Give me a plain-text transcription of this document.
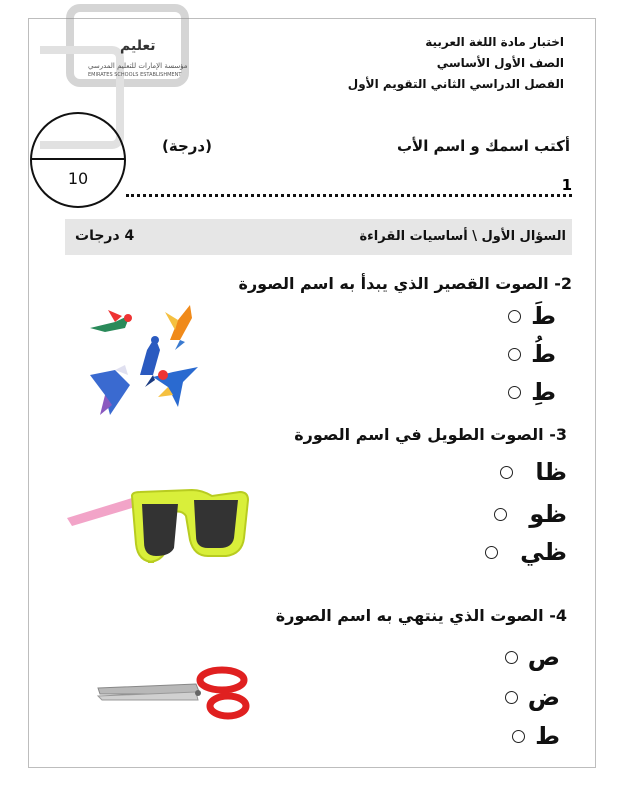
تعليم
مؤسسة الإمارات للتعليم المدرسي
EMIRATES SCHOOLS ESTABLISHMENT
اختبار مادة اللغة العربية
الصف الأول الأساسي
الفصل الدراسي الثاني التقويم الأول
10
أكتب اسمك و اسم الأب
(درجة)
1
السؤال الأول \ أساسيات القراءة
4 درجات
2- الصوت القصير الذي يبدأ به اسم الصورة
طَ
طُ
طِ
3- الصوت الطويل في اسم الصورة
ظا
ظو
ظي
4- الصوت الذي ينتهي به اسم الصورة
ص
ض
ط
